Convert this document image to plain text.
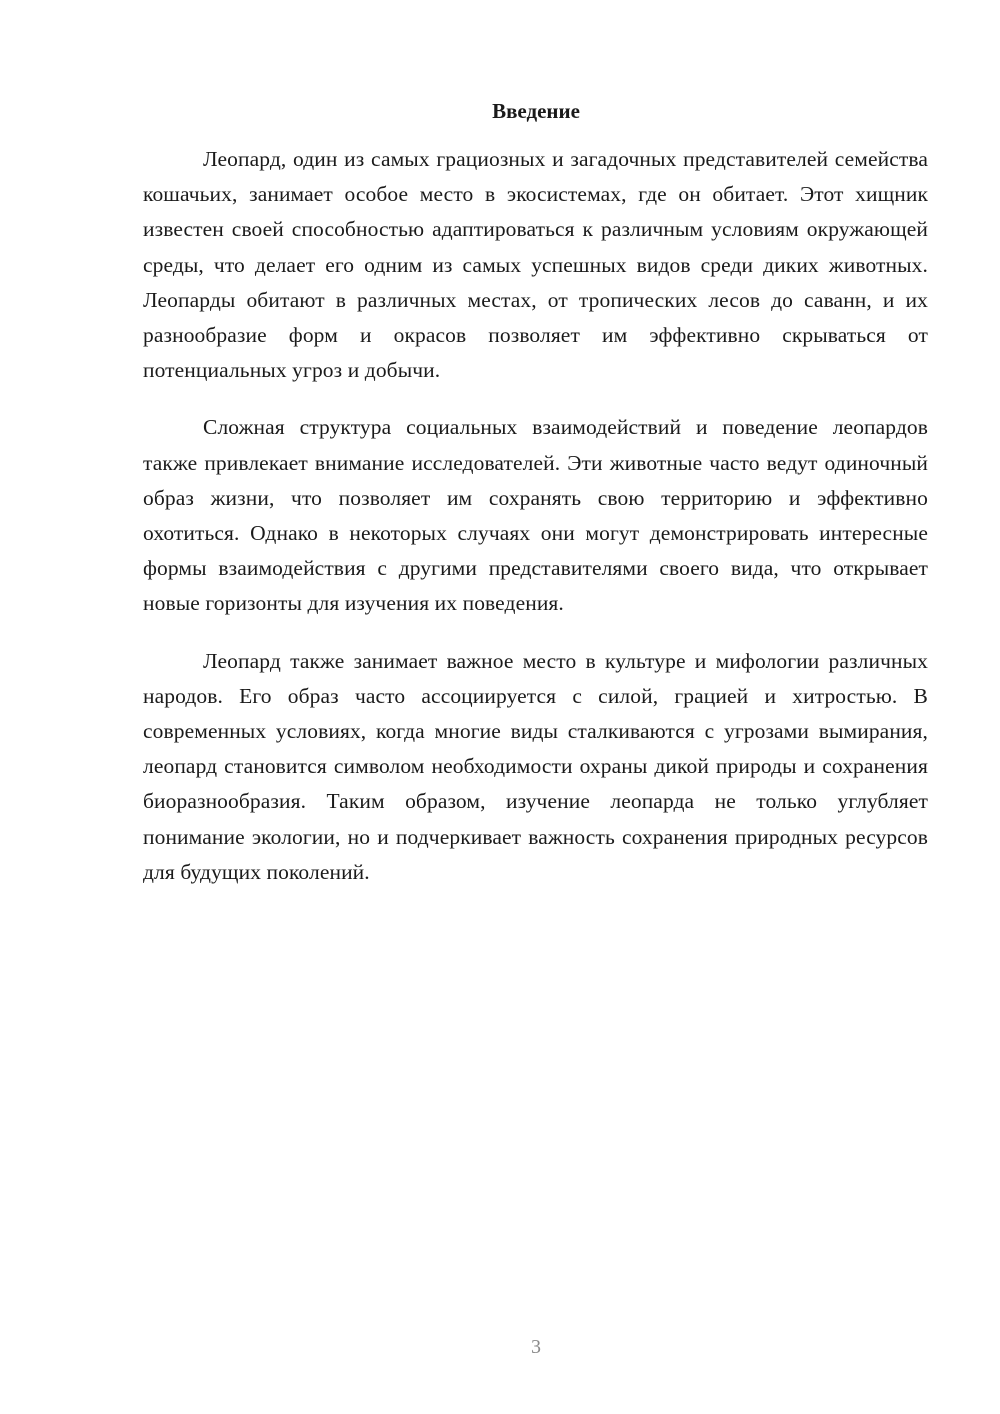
Введение

Леопард, один из самых грациозных и загадочных представителей семейства кошачьих, занимает особое место в экосистемах, где он обитает. Этот хищник известен своей способностью адаптироваться к различным условиям окружающей среды, что делает его одним из самых успешных видов среди диких животных. Леопарды обитают в различных местах, от тропических лесов до саванн, и их разнообразие форм и окрасов позволяет им эффективно скрываться от потенциальных угроз и добычи.

Сложная структура социальных взаимодействий и поведение леопардов также привлекает внимание исследователей. Эти животные часто ведут одиночный образ жизни, что позволяет им сохранять свою территорию и эффективно охотиться. Однако в некоторых случаях они могут демонстрировать интересные формы взаимодействия с другими представителями своего вида, что открывает новые горизонты для изучения их поведения.

Леопард также занимает важное место в культуре и мифологии различных народов. Его образ часто ассоциируется с силой, грацией и хитростью. В современных условиях, когда многие виды сталкиваются с угрозами вымирания, леопард становится символом необходимости охраны дикой природы и сохранения биоразнообразия. Таким образом, изучение леопарда не только углубляет понимание экологии, но и подчеркивает важность сохранения природных ресурсов для будущих поколений.

3
